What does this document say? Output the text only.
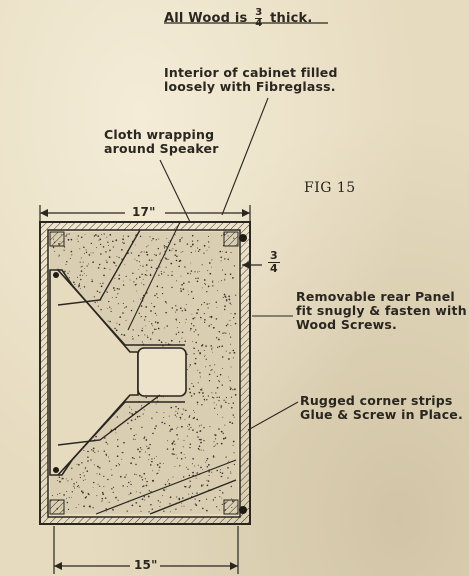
All Wood is $\frac{3}{4}$ thick.
Interior of cabinet filled
loosely with Fibreglass.
Cloth wrapping
around Speaker
FIG 15
17"
$\frac{3}{4}$
Removable rear Panel
fit snugly & fasten with
Wood Screws.
Rugged corner strips
Glue & Screw in Place.
15"
